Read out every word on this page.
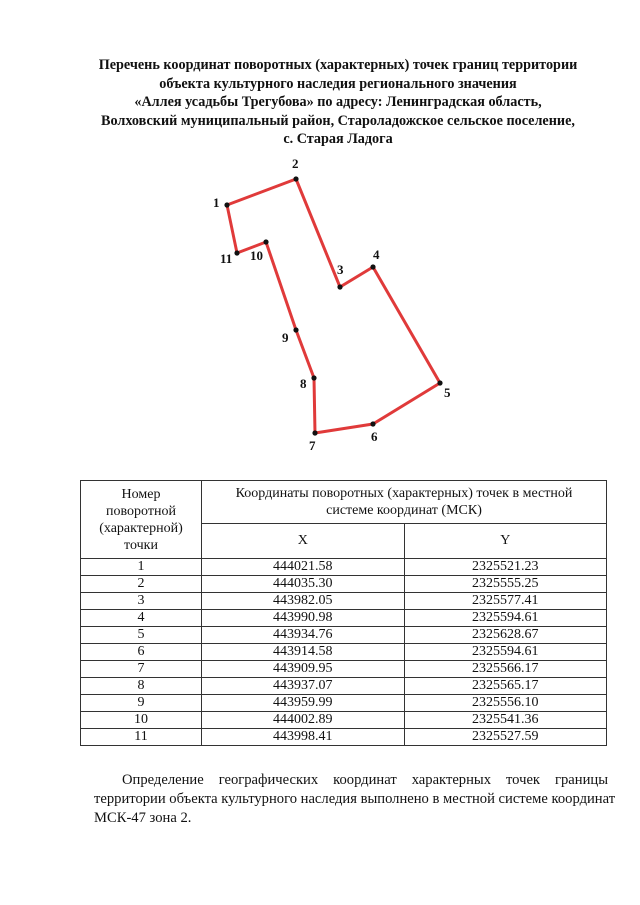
Перечень координат поворотных (характерных) точек границ территории
объекта культурного наследия регионального значения
«Аллея усадьбы Трегубова» по адресу: Ленинградская область,
Волховский муниципальный район, Староладожское сельское поселение,
с. Старая Ладога
1
2
3
4
5
6
7
8
9
10
11
Номер
поворотной
(характерной)
точки	Координаты поворотных (характерных) точек в местной
системе координат (МСК)	
	X	Y
1	444021.58	2325521.23
2	444035.30	2325555.25
3	443982.05	2325577.41
4	443990.98	2325594.61
5	443934.76	2325628.67
6	443914.58	2325594.61
7	443909.95	2325566.17
8	443937.07	2325565.17
9	443959.99	2325556.10
10	444002.89	2325541.36
11	443998.41	2325527.59
Определение географических координат характерных точек границы
территории объекта культурного наследия выполнено в местной системе координат
МСК-47 зона 2.
